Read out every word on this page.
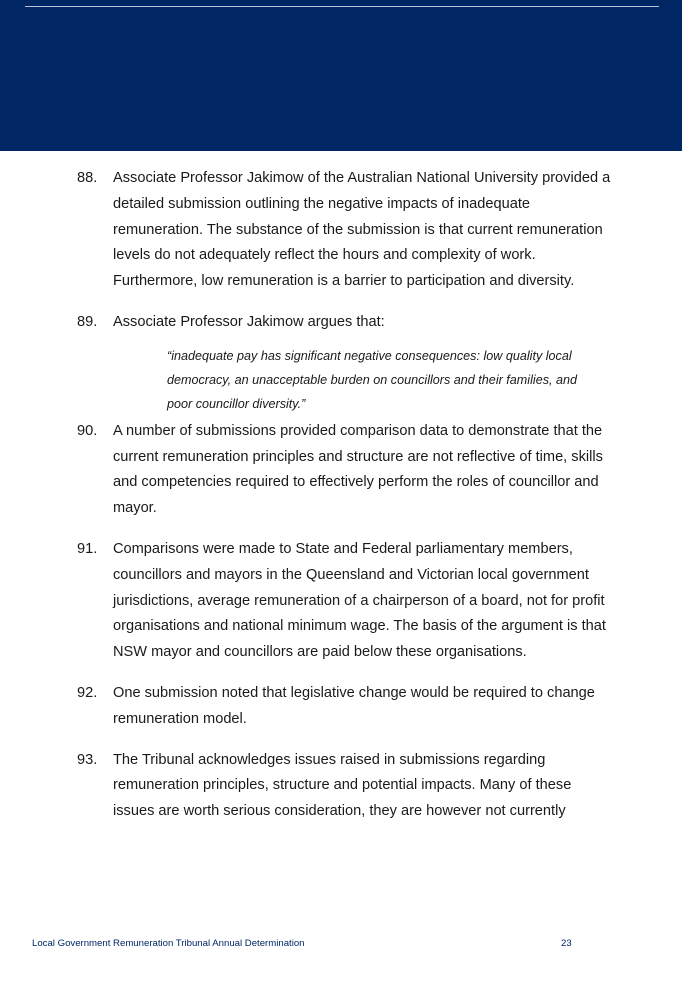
88. Associate Professor Jakimow of the Australian National University provided a detailed submission outlining the negative impacts of inadequate remuneration. The substance of the submission is that current remuneration levels do not adequately reflect the hours and complexity of work. Furthermore, low remuneration is a barrier to participation and diversity.
89. Associate Professor Jakimow argues that:
“inadequate pay has significant negative consequences: low quality local democracy, an unacceptable burden on councillors and their families, and poor councillor diversity.”
90. A number of submissions provided comparison data to demonstrate that the current remuneration principles and structure are not reflective of time, skills and competencies required to effectively perform the roles of councillor and mayor.
91. Comparisons were made to State and Federal parliamentary members, councillors and mayors in the Queensland and Victorian local government jurisdictions, average remuneration of a chairperson of a board, not for profit organisations and national minimum wage. The basis of the argument is that NSW mayor and councillors are paid below these organisations.
92. One submission noted that legislative change would be required to change remuneration model.
93. The Tribunal acknowledges issues raised in submissions regarding remuneration principles, structure and potential impacts. Many of these issues are worth serious consideration, they are however not currently
Local Government Remuneration Tribunal Annual Determination	23
